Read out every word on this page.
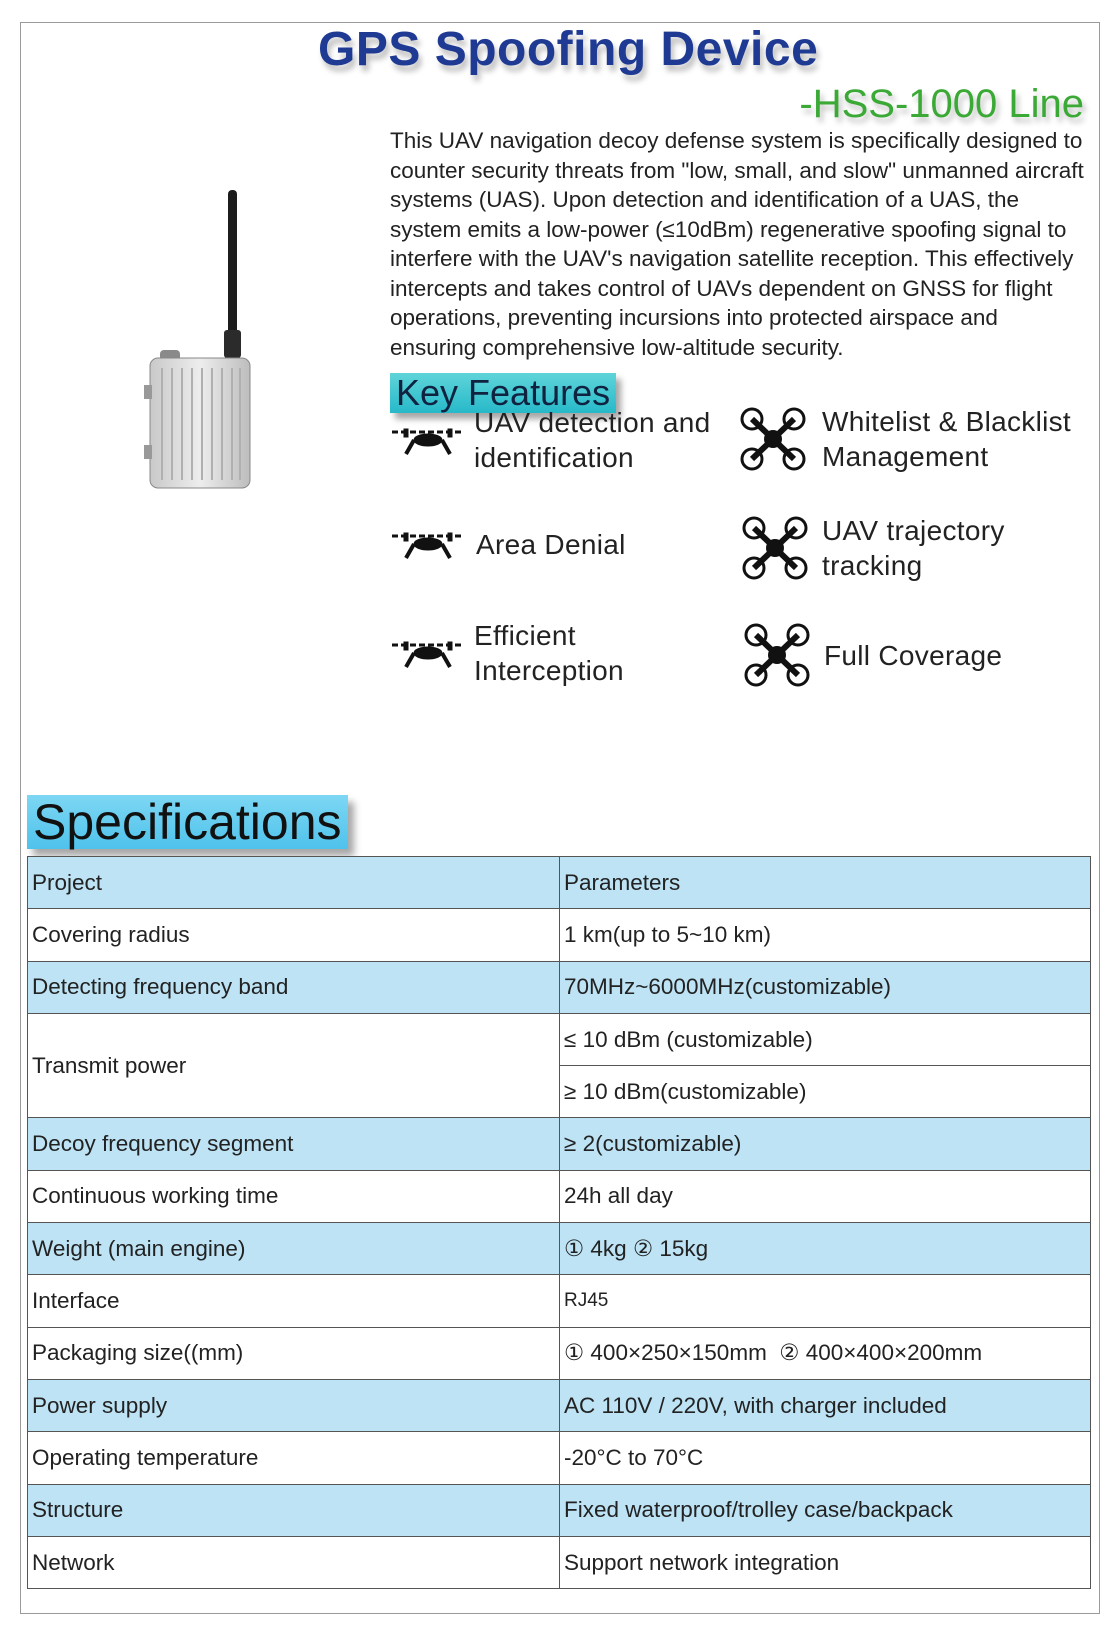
GPS Spoofing Device
-HSS-1000 Line

This UAV navigation decoy defense system is specifically designed to counter security threats from "low, small, and slow" unmanned aircraft systems (UAS). Upon detection and identification of a UAS, the system emits a low-power (≤10dBm) regenerative spoofing signal to interfere with the UAV's navigation satellite reception. This effectively intercepts and takes control of UAVs dependent on GNSS for flight operations, preventing incursions into protected airspace and ensuring comprehensive low-altitude security.

Key Features
UAV detection and
identification
Whitelist & Blacklist
Management
Area Denial	UAV trajectory
tracking
Efficient
Interception	Full Coverage
Specifications
Project	Parameters
Covering radius	1 km(up to 5~10 km)
Detecting frequency band	70MHz~6000MHz(customizable)
Transmit power	≤ 10 dBm (customizable)
	≥ 10 dBm(customizable)
Decoy frequency segment	≥ 2(customizable)
Continuous working time	24h all day
Weight (main engine)	① 4kg ② 15kg
Interface	RJ45
Packaging size((mm)	① 400×250×150mm  ② 400×400×200mm
Power supply	AC 110V / 220V, with charger included
Operating temperature	-20°C to 70°C
Structure	Fixed waterproof/trolley case/backpack
Network	Support network integration
